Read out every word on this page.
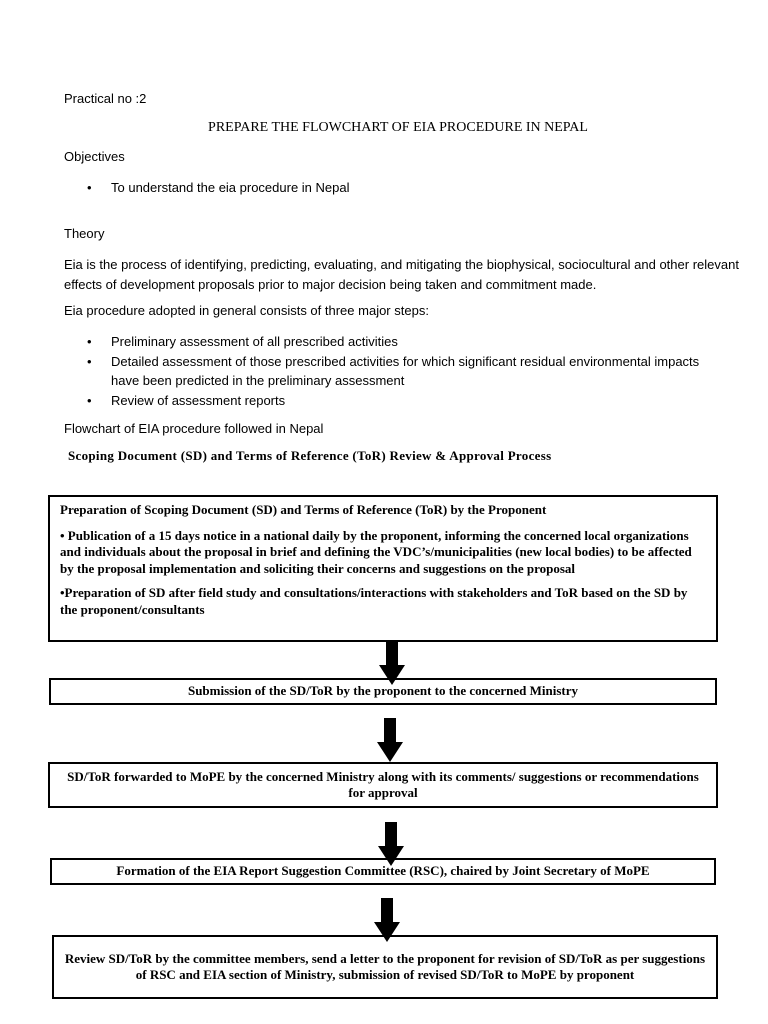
Practical no :2
PREPARE THE FLOWCHART OF EIA PROCEDURE IN NEPAL
Objectives
• To understand the eia procedure in Nepal
Theory
Eia is the process of identifying, predicting, evaluating, and mitigating the biophysical, sociocultural and other relevant effects of development proposals prior to major decision being taken and commitment made.
Eia procedure adopted in general consists of three major steps:
• Preliminary assessment of all prescribed activities
• Detailed assessment of those prescribed activities for which significant residual environmental impacts have been predicted in the preliminary assessment
• Review of assessment reports
Flowchart of EIA procedure followed in Nepal
Scoping Document (SD) and Terms of Reference (ToR) Review & Approval Process
Preparation of Scoping Document (SD) and Terms of Reference (ToR) by the Proponent
• Publication of a 15 days notice in a national daily by the proponent, informing the concerned local organizations and individuals about the proposal in brief and defining the VDC’s/municipalities (new local bodies) to be affected by the proposal implementation and soliciting their concerns and suggestions on the proposal
•Preparation of SD after field study and consultations/interactions with stakeholders and ToR based on the SD by the proponent/consultants
Submission of the SD/ToR by the proponent to the concerned Ministry
SD/ToR forwarded to MoPE by the concerned Ministry along with its comments/ suggestions or recommendations for approval
Formation of the EIA Report Suggestion Committee (RSC), chaired by Joint Secretary of MoPE
Review SD/ToR by the committee members, send a letter to the proponent for revision of SD/ToR as per suggestions of RSC and EIA section of Ministry, submission of revised SD/ToR to MoPE by proponent
